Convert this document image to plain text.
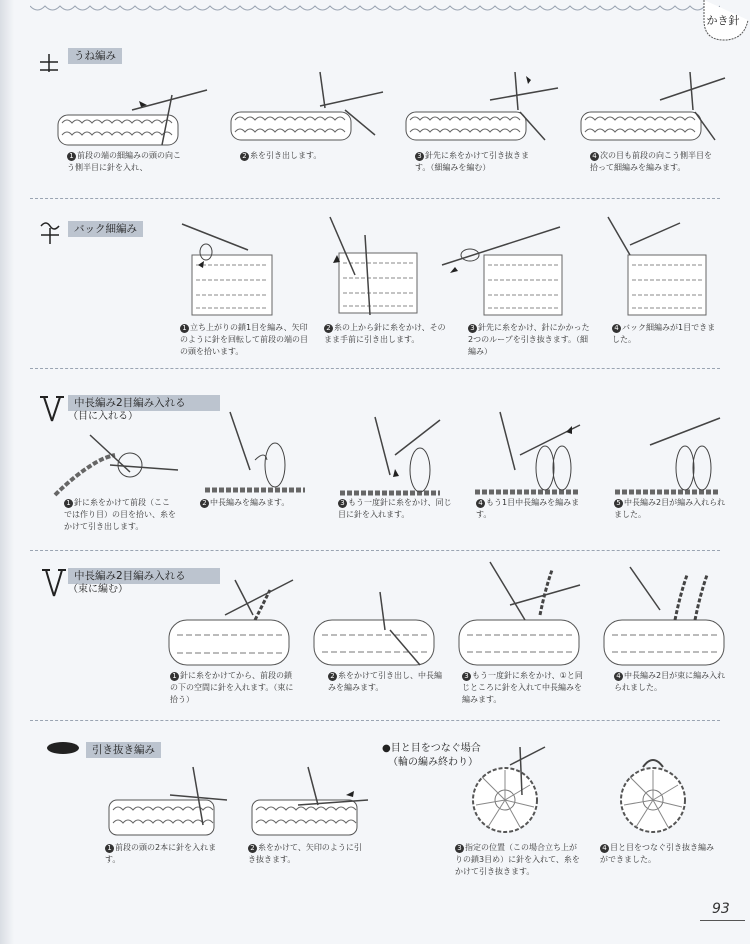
かき針
うね編み
1 前段の端の細編みの頭の向こう側半目に針を入れ、
2 糸を引き出します。	3 針先に糸をかけて引き抜きます。（細編みを編む）
4 次の目も前段の向こう側半目を拾って細編みを編みます。
バック細編み
1 立ち上がりの鎖1目を編み、矢印のように針を回転して前段の端の目の頭を拾います。
2 糸の上から針に糸をかけ、そのまま手前に引き出します。
3 針先に糸をかけ、針にかかった2つのループを引き抜きます。（細編み）
4 バック細編みが1目できました。
中長編み2目編み入れる
（目に入れる）
1 針に糸をかけて前段（ここでは作り目）の目を拾い、糸をかけて引き出します。
2 中長編みを編みます。	3 もう一度針に糸をかけ、同じ目に針を入れます。
4 もう1目中長編みを編みます。
5 中長編み2目が編み入れられました。
中長編み2目編み入れる
（束に編む）
1 針に糸をかけてから、前段の鎖の下の空間に針を入れます。（束に拾う）
2 糸をかけて引き出し、中長編みを編みます。
3 もう一度針に糸をかけ、①と同じところに針を入れて中長編みを編みます。
4 中長編み2目が束に編み入れられました。
引き抜き編み	●目と目をつなぐ場合
（輪の編み終わり）
1 前段の頭の2本に針を入れます。
2 糸をかけて、矢印のように引き抜きます。
3 指定の位置（この場合立ち上がりの鎖3目め）に針を入れて、糸をかけて引き抜きます。
4 目と目をつなぐ引き抜き編みができました。
93
